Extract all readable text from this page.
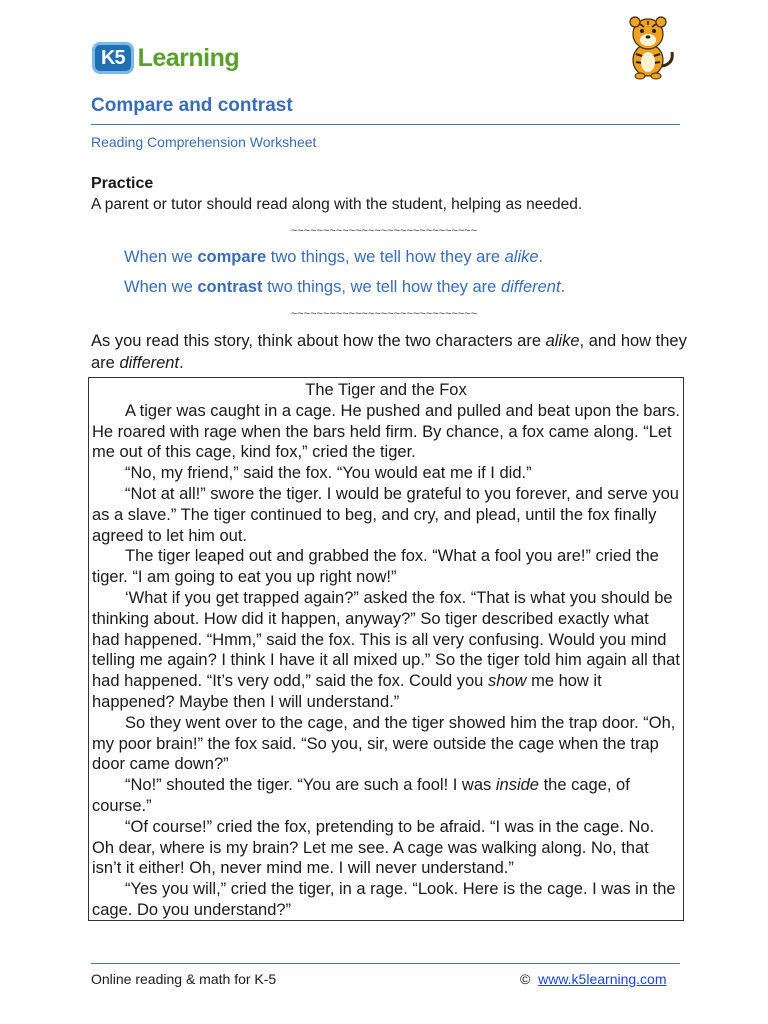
K5 Learning
Compare and contrast
Reading Comprehension Worksheet
Practice
A parent or tutor should read along with the student, helping as needed.
~~~~~~~~~~~~~~~~~~~~~~~~~~~~~
When we compare two things, we tell how they are alike.
When we contrast two things, we tell how they are different.
~~~~~~~~~~~~~~~~~~~~~~~~~~~~~
As you read this story, think about how the two characters are alike, and how they are different.
The Tiger and the Fox

A tiger was caught in a cage. He pushed and pulled and beat upon the bars. He roared with rage when the bars held firm. By chance, a fox came along. “Let me out of this cage, kind fox,” cried the tiger.

“No, my friend,” said the fox. “You would eat me if I did.”

“Not at all!” swore the tiger. I would be grateful to you forever, and serve you as a slave.” The tiger continued to beg, and cry, and plead, until the fox finally agreed to let him out.

The tiger leaped out and grabbed the fox. “What a fool you are!” cried the tiger. “I am going to eat you up right now!”

‘What if you get trapped again?” asked the fox. “That is what you should be thinking about. How did it happen, anyway?” So tiger described exactly what had happened. “Hmm,” said the fox. This is all very confusing. Would you mind telling me again? I think I have it all mixed up.” So the tiger told him again all that had happened. “It’s very odd,” said the fox. Could you show me how it happened? Maybe then I will understand.”

So they went over to the cage, and the tiger showed him the trap door. “Oh, my poor brain!” the fox said. “So you, sir, were outside the cage when the trap door came down?”

“No!” shouted the tiger. “You are such a fool! I was inside the cage, of course.”

“Of course!” cried the fox, pretending to be afraid. “I was in the cage. No. Oh dear, where is my brain? Let me see. A cage was walking along. No, that isn’t it either! Oh, never mind me. I will never understand.”

“Yes you will,” cried the tiger, in a rage. “Look. Here is the cage. I was in the cage. Do you understand?”

Online reading & math for K-5	© www.k5learning.com
